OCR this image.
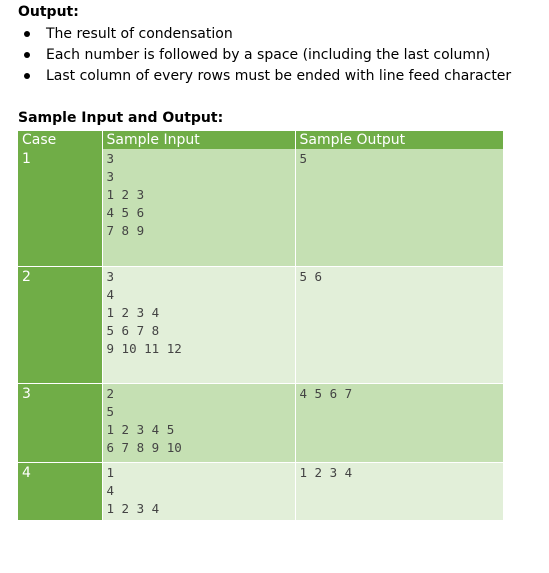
Output:
The result of condensation
Each number is followed by a space (including the last column)
Last column of every rows must be ended with line feed character
Sample Input and Output:
Case	Sample Input	Sample Output
1	3
3
1 2 3
4 5 6
7 8 9	5

2	3
4
1 2 3 4
5 6 7 8
9 10 11 12	5 6

3	2
5
1 2 3 4 5
6 7 8 9 10	4 5 6 7

4	1
4
1 2 3 4	1 2 3 4
